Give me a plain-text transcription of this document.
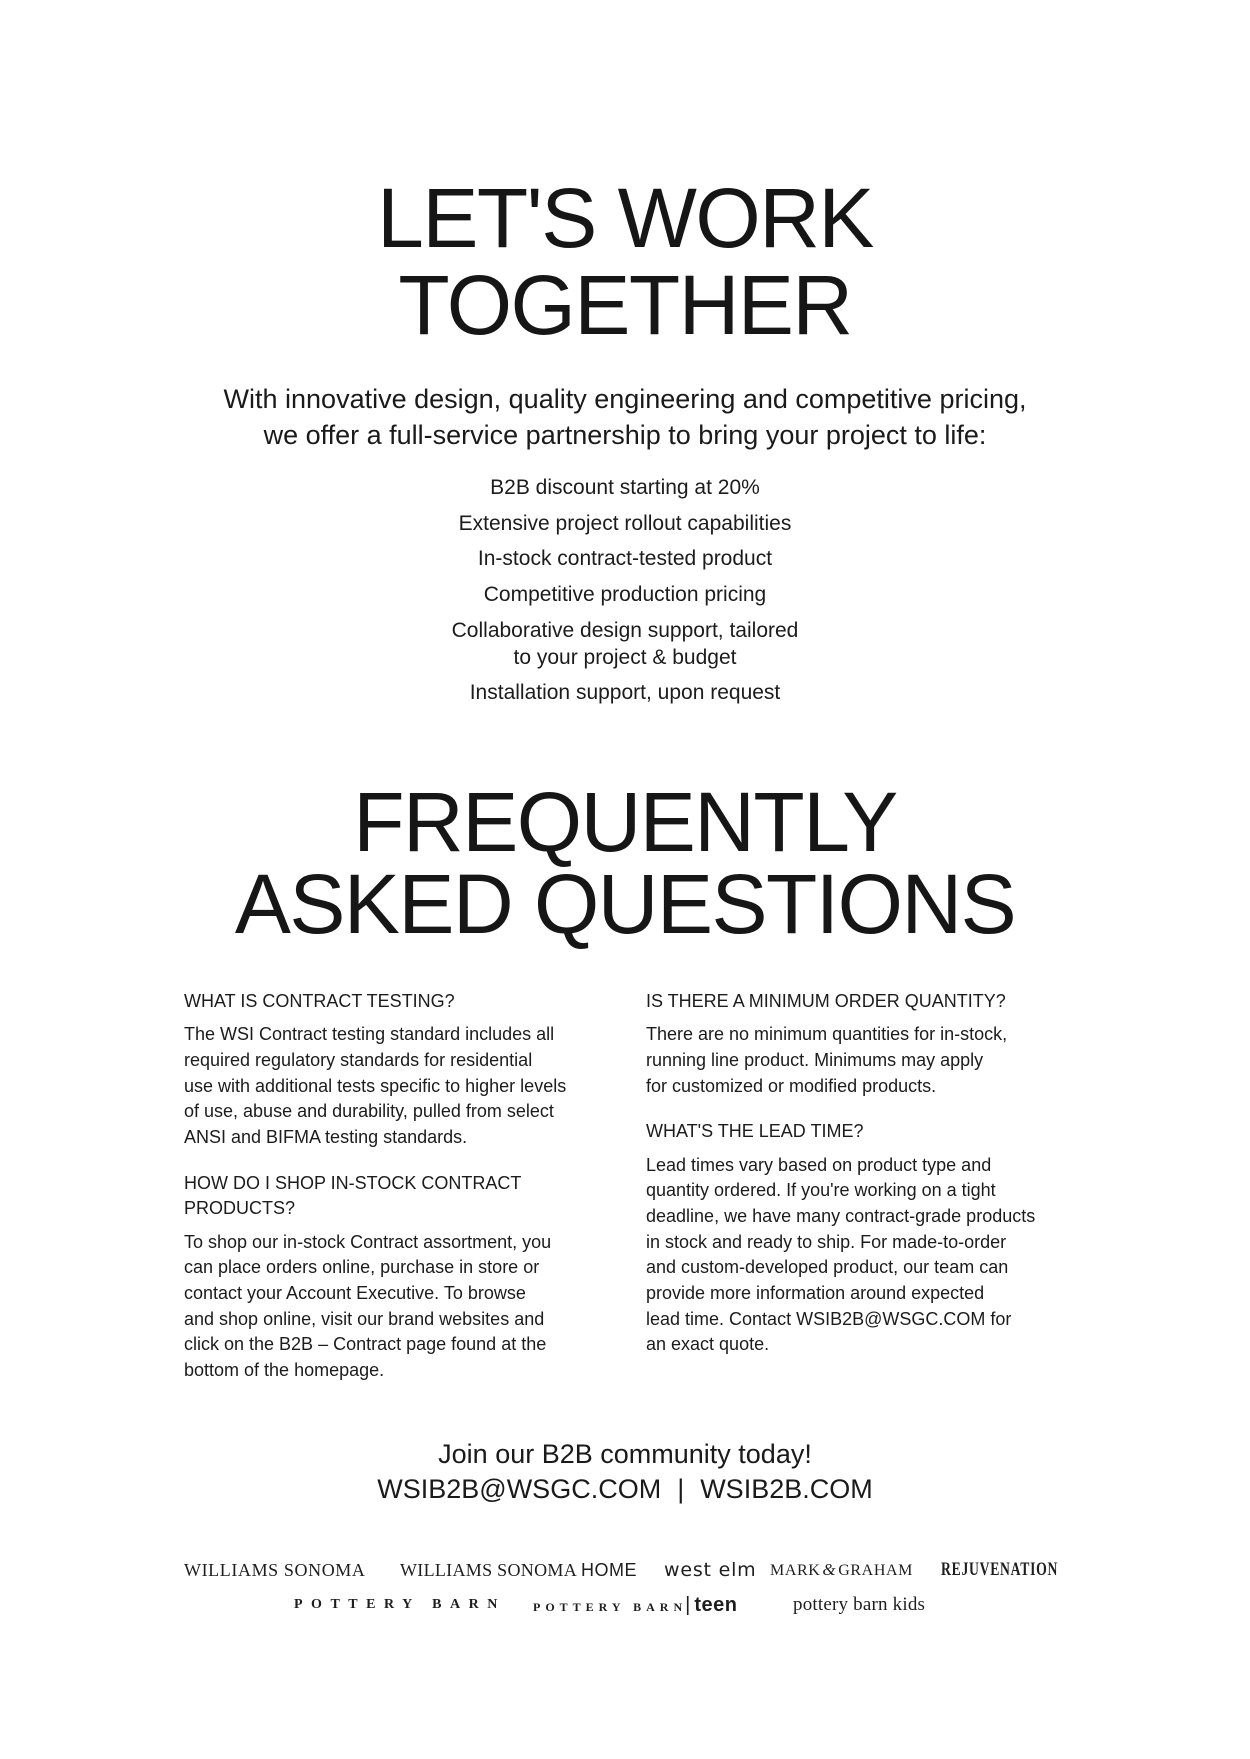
LET'S WORK
TOGETHER

With innovative design, quality engineering and competitive pricing,
we offer a full-service partnership to bring your project to life:

B2B discount starting at 20%
Extensive project rollout capabilities
In-stock contract-tested product
Competitive production pricing
Collaborative design support, tailored
to your project & budget
Installation support, upon request
FREQUENTLY
ASKED QUESTIONS
WHAT IS CONTRACT TESTING?

The WSI Contract testing standard includes all
required regulatory standards for residential
use with additional tests specific to higher levels
of use, abuse and durability, pulled from select
ANSI and BIFMA testing standards.

HOW DO I SHOP IN-STOCK CONTRACT
PRODUCTS?

To shop our in-stock Contract assortment, you
can place orders online, purchase in store or
contact your Account Executive. To browse
and shop online, visit our brand websites and
click on the B2B – Contract page found at the
bottom of the homepage.

IS THERE A MINIMUM ORDER QUANTITY?

There are no minimum quantities for in-stock,
running line product. Minimums may apply
for customized or modified products.

WHAT'S THE LEAD TIME?

Lead times vary based on product type and
quantity ordered. If you're working on a tight
deadline, we have many contract-grade products
in stock and ready to ship. For made-to-order
and custom-developed product, our team can
provide more information around expected
lead time. Contact WSIB2B@WSGC.COM for
an exact quote.

Join our B2B community today!
WSIB2B@WSGC.COM | WSIB2B.COM
WILLIAMS SONOMA WILLIAMS SONOMA HOME west elm MARK & GRAHAM REJUVENATION
POTTERY BARN POTTERY BARN| teen	pottery barn kids
